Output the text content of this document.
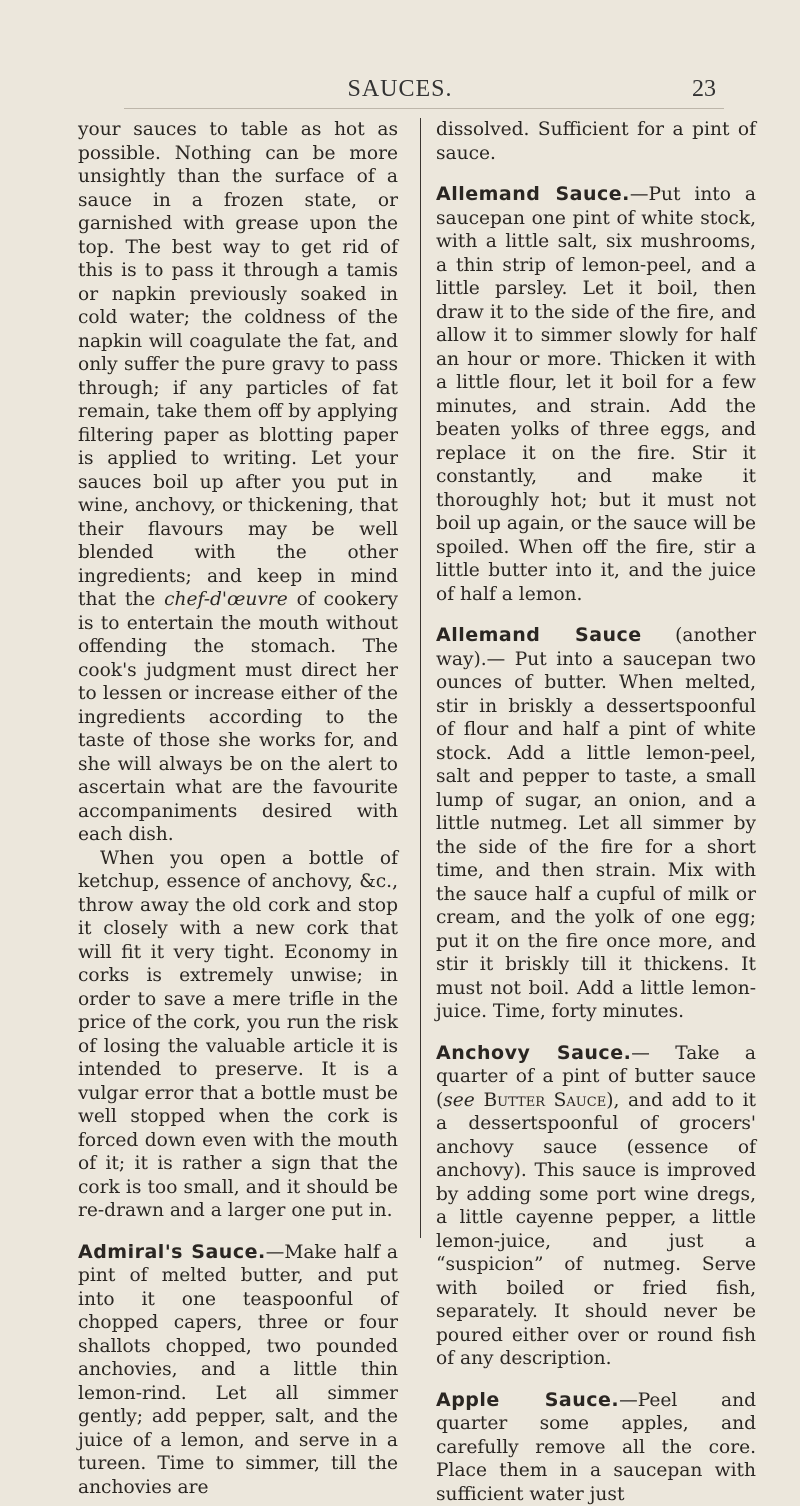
SAUCES.	23

your sauces to table as hot as possible. Nothing can be more unsightly than the surface of a sauce in a frozen state, or garnished with grease upon the top. The best way to get rid of this is to pass it through a tamis or napkin previously soaked in cold water; the coldness of the napkin will coagulate the fat, and only suffer the pure gravy to pass through; if any particles of fat remain, take them off by applying filtering paper as blotting paper is applied to writing. Let your sauces boil up after you put in wine, anchovy, or thickening, that their flavours may be well blended with the other ingredients; and keep in mind that the chef-d'œuvre of cookery is to entertain the mouth without offending the stomach. The cook's judgment must direct her to lessen or increase either of the ingredients according to the taste of those she works for, and she will always be on the alert to ascertain what are the favourite accompaniments desired with each dish.

When you open a bottle of ketchup, essence of anchovy, &c., throw away the old cork and stop it closely with a new cork that will fit it very tight. Economy in corks is extremely unwise; in order to save a mere trifle in the price of the cork, you run the risk of losing the valuable article it is intended to preserve. It is a vulgar error that a bottle must be well stopped when the cork is forced down even with the mouth of it; it is rather a sign that the cork is too small, and it should be re-drawn and a larger one put in.

Admiral's Sauce.—Make half a pint of melted butter, and put into it one teaspoonful of chopped capers, three or four shallots chopped, two pounded anchovies, and a little thin lemon-rind. Let all simmer gently; add pepper, salt, and the juice of a lemon, and serve in a tureen. Time to simmer, till the anchovies are

dissolved. Sufficient for a pint of sauce.

Allemand Sauce.—Put into a saucepan one pint of white stock, with a little salt, six mushrooms, a thin strip of lemon-peel, and a little parsley. Let it boil, then draw it to the side of the fire, and allow it to simmer slowly for half an hour or more. Thicken it with a little flour, let it boil for a few minutes, and strain. Add the beaten yolks of three eggs, and replace it on the fire. Stir it constantly, and make it thoroughly hot; but it must not boil up again, or the sauce will be spoiled. When off the fire, stir a little butter into it, and the juice of half a lemon.

Allemand Sauce (another way).— Put into a saucepan two ounces of butter. When melted, stir in briskly a dessertspoonful of flour and half a pint of white stock. Add a little lemon-peel, salt and pepper to taste, a small lump of sugar, an onion, and a little nutmeg. Let all simmer by the side of the fire for a short time, and then strain. Mix with the sauce half a cupful of milk or cream, and the yolk of one egg; put it on the fire once more, and stir it briskly till it thickens. It must not boil. Add a little lemon-juice. Time, forty minutes.

Anchovy Sauce.— Take a quarter of a pint of butter sauce (see Butter Sauce), and add to it a dessertspoonful of grocers' anchovy sauce (essence of anchovy). This sauce is improved by adding some port wine dregs, a little cayenne pepper, a little lemon-juice, and just a “suspicion” of nutmeg. Serve with boiled or fried fish, separately. It should never be poured either over or round fish of any description.

Apple Sauce.—Peel and quarter some apples, and carefully remove all the core. Place them in a saucepan with sufficient water just
